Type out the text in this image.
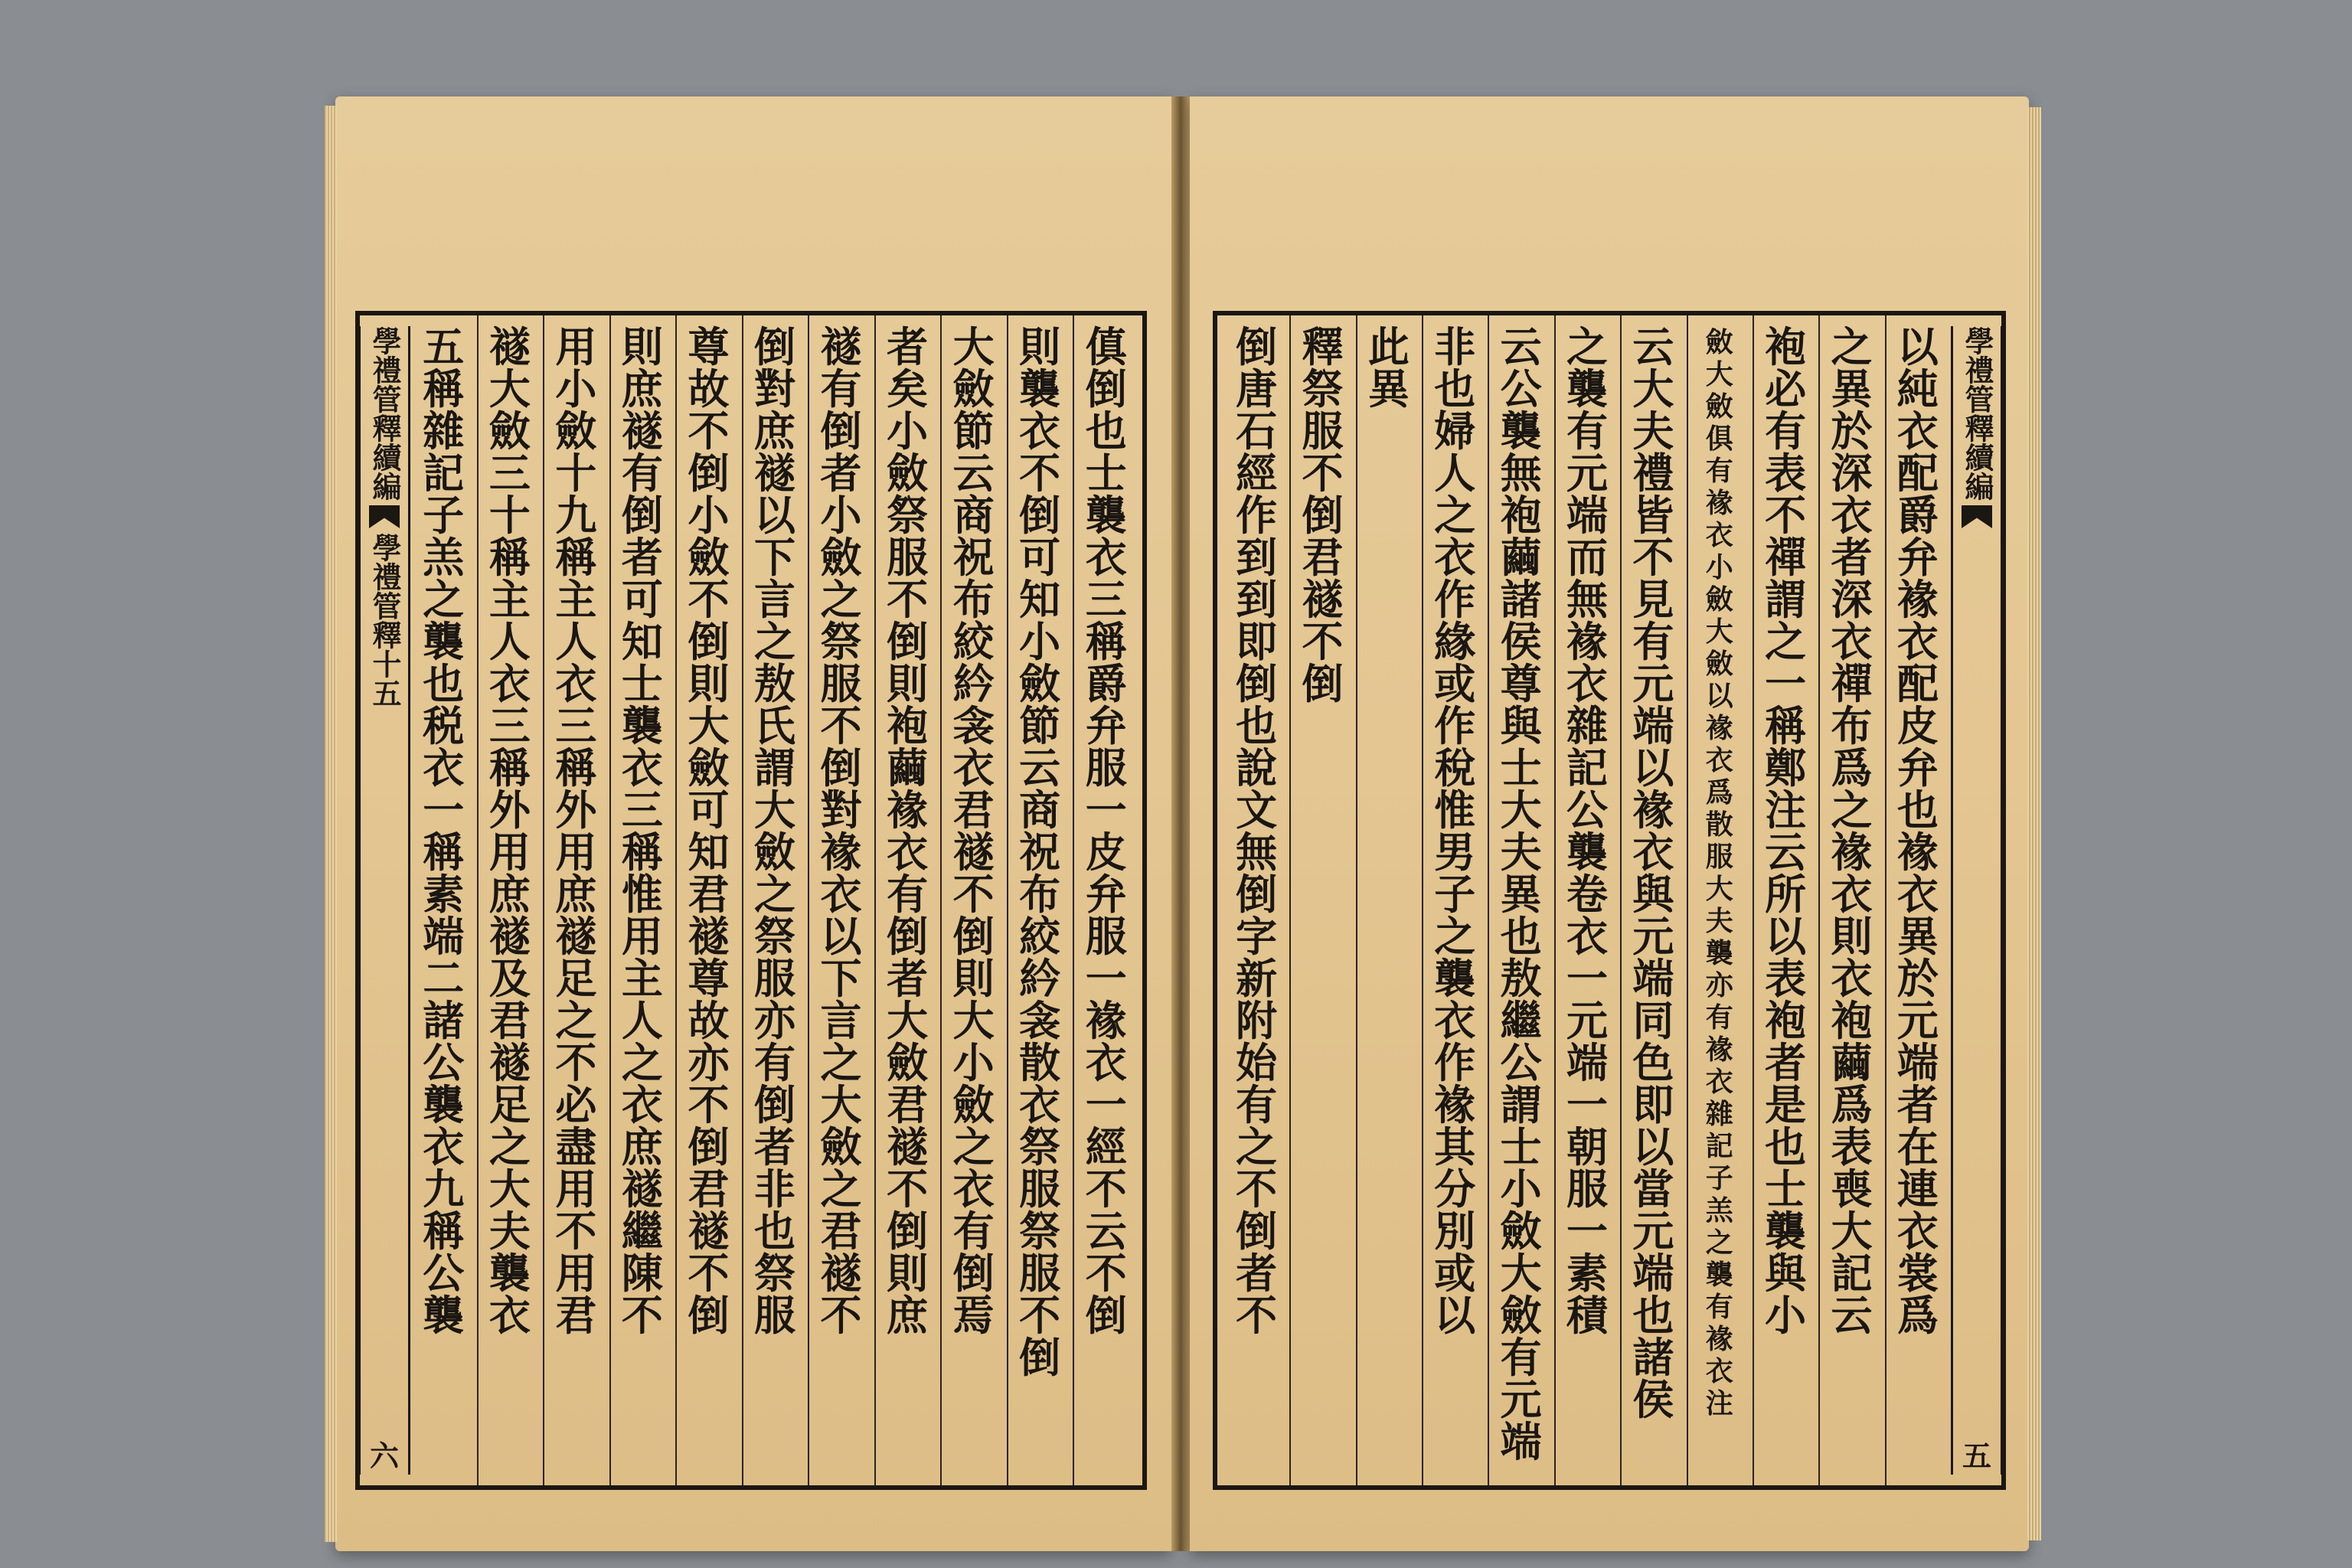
學禮管釋續編
學禮管釋十五
六
傎
倒
也
士
襲
衣
三
稱
爵
弁
服
一
皮
弁
服
一
褖
衣
一
經
不
云
不
倒
則
襲
衣
不
倒
可
知
小
斂
節
云
商
祝
布
絞
紟
衾
散
衣
祭
服
祭
服
不
倒
大
斂
節
云
商
祝
布
絞
紟
衾
衣
君
禭
不
倒
則
大
小
斂
之
衣
有
倒
焉
者
矣
小
斂
祭
服
不
倒
則
袍
繭
褖
衣
有
倒
者
大
斂
君
禭
不
倒
則
庶
禭
有
倒
者
小
斂
之
祭
服
不
倒
對
褖
衣
以
下
言
之
大
斂
之
君
禭
不
倒
對
庶
禭
以
下
言
之
敖
氏
謂
大
斂
之
祭
服
亦
有
倒
者
非
也
祭
服
尊
故
不
倒
小
斂
不
倒
則
大
斂
可
知
君
禭
尊
故
亦
不
倒
君
禭
不
倒
則
庶
禭
有
倒
者
可
知
士
襲
衣
三
稱
惟
用
主
人
之
衣
庶
禭
繼
陳
不
用
小
斂
十
九
稱
主
人
衣
三
稱
外
用
庶
禭
足
之
不
必
盡
用
不
用
君
禭
大
斂
三
十
稱
主
人
衣
三
稱
外
用
庶
禭
及
君
禭
足
之
大
夫
襲
衣
五
稱
雜
記
子
羔
之
襲
也
税
衣
一
稱
素
端
二
諸
公
襲
衣
九
稱
公
襲
以
純
衣
配
爵
弁
褖
衣
配
皮
弁
也
褖
衣
異
於
元
端
者
在
連
衣
裳
爲
之
異
於
深
衣
者
深
衣
禪
布
爲
之
褖
衣
則
衣
袍
繭
爲
表
喪
大
記
云
袍
必
有
表
不
禪
謂
之
一
稱
鄭
注
云
所
以
表
袍
者
是
也
士
襲
與
小
斂
大
斂
俱
有
褖
衣
小
斂
大
斂
以
褖
衣
爲
散
服
大
夫
襲
亦
有
褖
衣
雜
記
子
羔
之
襲
有
褖
衣
注
云
大
夫
禮
皆
不
見
有
元
端
以
褖
衣
與
元
端
同
色
即
以
當
元
端
也
諸
侯
之
襲
有
元
端
而
無
褖
衣
雜
記
公
襲
卷
衣
一
元
端
一
朝
服
一
素
積
云
公
襲
無
袍
繭
諸
侯
尊
與
士
大
夫
異
也
敖
繼
公
謂
士
小
斂
大
斂
有
元
端
非
也
婦
人
之
衣
作
緣
或
作
稅
惟
男
子
之
襲
衣
作
褖
其
分
別
或
以
此
異
釋
祭
服
不
倒
君
禭
不
倒
倒
唐
石
經
作
到
到
即
倒
也
說
文
無
倒
字
新
附
始
有
之
不
倒
者
不
學禮管釋續編
五
